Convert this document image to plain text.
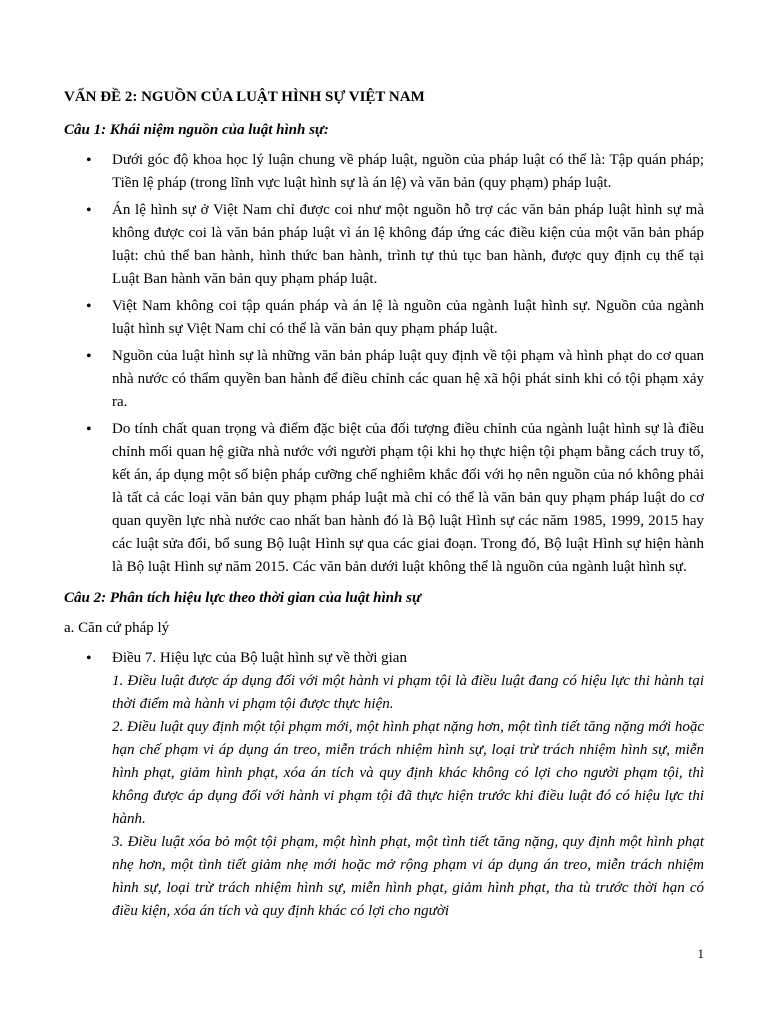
VẤN ĐỀ 2: NGUỒN CỦA LUẬT HÌNH SỰ VIỆT NAM
Câu 1: Khái niệm nguồn của luật hình sự:
• Dưới góc độ khoa học lý luận chung về pháp luật, nguồn của pháp luật có thể là: Tập quán pháp; Tiền lệ pháp (trong lĩnh vực luật hình sự là án lệ) và văn bản (quy phạm) pháp luật.
• Án lệ hình sự ở Việt Nam chỉ được coi như một nguồn hỗ trợ các văn bản pháp luật hình sự mà không được coi là văn bản pháp luật vì án lệ không đáp ứng các điều kiện của một văn bản pháp luật: chủ thể ban hành, hình thức ban hành, trình tự thủ tục ban hành, được quy định cụ thể tại Luật Ban hành văn bản quy phạm pháp luật.
• Việt Nam không coi tập quán pháp và án lệ là nguồn của ngành luật hình sự. Nguồn của ngành luật hình sự Việt Nam chỉ có thể là văn bản quy phạm pháp luật.
• Nguồn của luật hình sự là những văn bản pháp luật quy định về tội phạm và hình phạt do cơ quan nhà nước có thẩm quyền ban hành để điều chỉnh các quan hệ xã hội phát sinh khi có tội phạm xảy ra.
• Do tính chất quan trọng và điểm đặc biệt của đối tượng điều chỉnh của ngành luật hình sự là điều chỉnh mối quan hệ giữa nhà nước với người phạm tội khi họ thực hiện tội phạm bằng cách truy tố, kết án, áp dụng một số biện pháp cưỡng chế nghiêm khắc đối với họ nên nguồn của nó không phải là tất cả các loại văn bản quy phạm pháp luật mà chỉ có thể là văn bản quy phạm pháp luật do cơ quan quyền lực nhà nước cao nhất ban hành đó là Bộ luật Hình sự các năm 1985, 1999, 2015 hay các luật sửa đổi, bổ sung Bộ luật Hình sự qua các giai đoạn. Trong đó, Bộ luật Hình sự hiện hành là Bộ luật Hình sự năm 2015. Các văn bản dưới luật không thể là nguồn của ngành luật hình sự.
Câu 2: Phân tích hiệu lực theo thời gian của luật hình sự

a. Căn cứ pháp lý

• Điều 7. Hiệu lực của Bộ luật hình sự về thời gian
1. Điều luật được áp dụng đối với một hành vi phạm tội là điều luật đang có hiệu lực thi hành tại thời điểm mà hành vi phạm tội được thực hiện.
2. Điều luật quy định một tội phạm mới, một hình phạt nặng hơn, một tình tiết tăng nặng mới hoặc hạn chế phạm vi áp dụng án treo, miễn trách nhiệm hình sự, loại trừ trách nhiệm hình sự, miễn hình phạt, giảm hình phạt, xóa án tích và quy định khác không có lợi cho người phạm tội, thì không được áp dụng đối với hành vi phạm tội đã thực hiện trước khi điều luật đó có hiệu lực thi hành.
3. Điều luật xóa bỏ một tội phạm, một hình phạt, một tình tiết tăng nặng, quy định một hình phạt nhẹ hơn, một tình tiết giảm nhẹ mới hoặc mở rộng phạm vi áp dụng án treo, miễn trách nhiệm hình sự, loại trừ trách nhiệm hình sự, miễn hình phạt, giảm hình phạt, tha tù trước thời hạn có điều kiện, xóa án tích và quy định khác có lợi cho người
1
